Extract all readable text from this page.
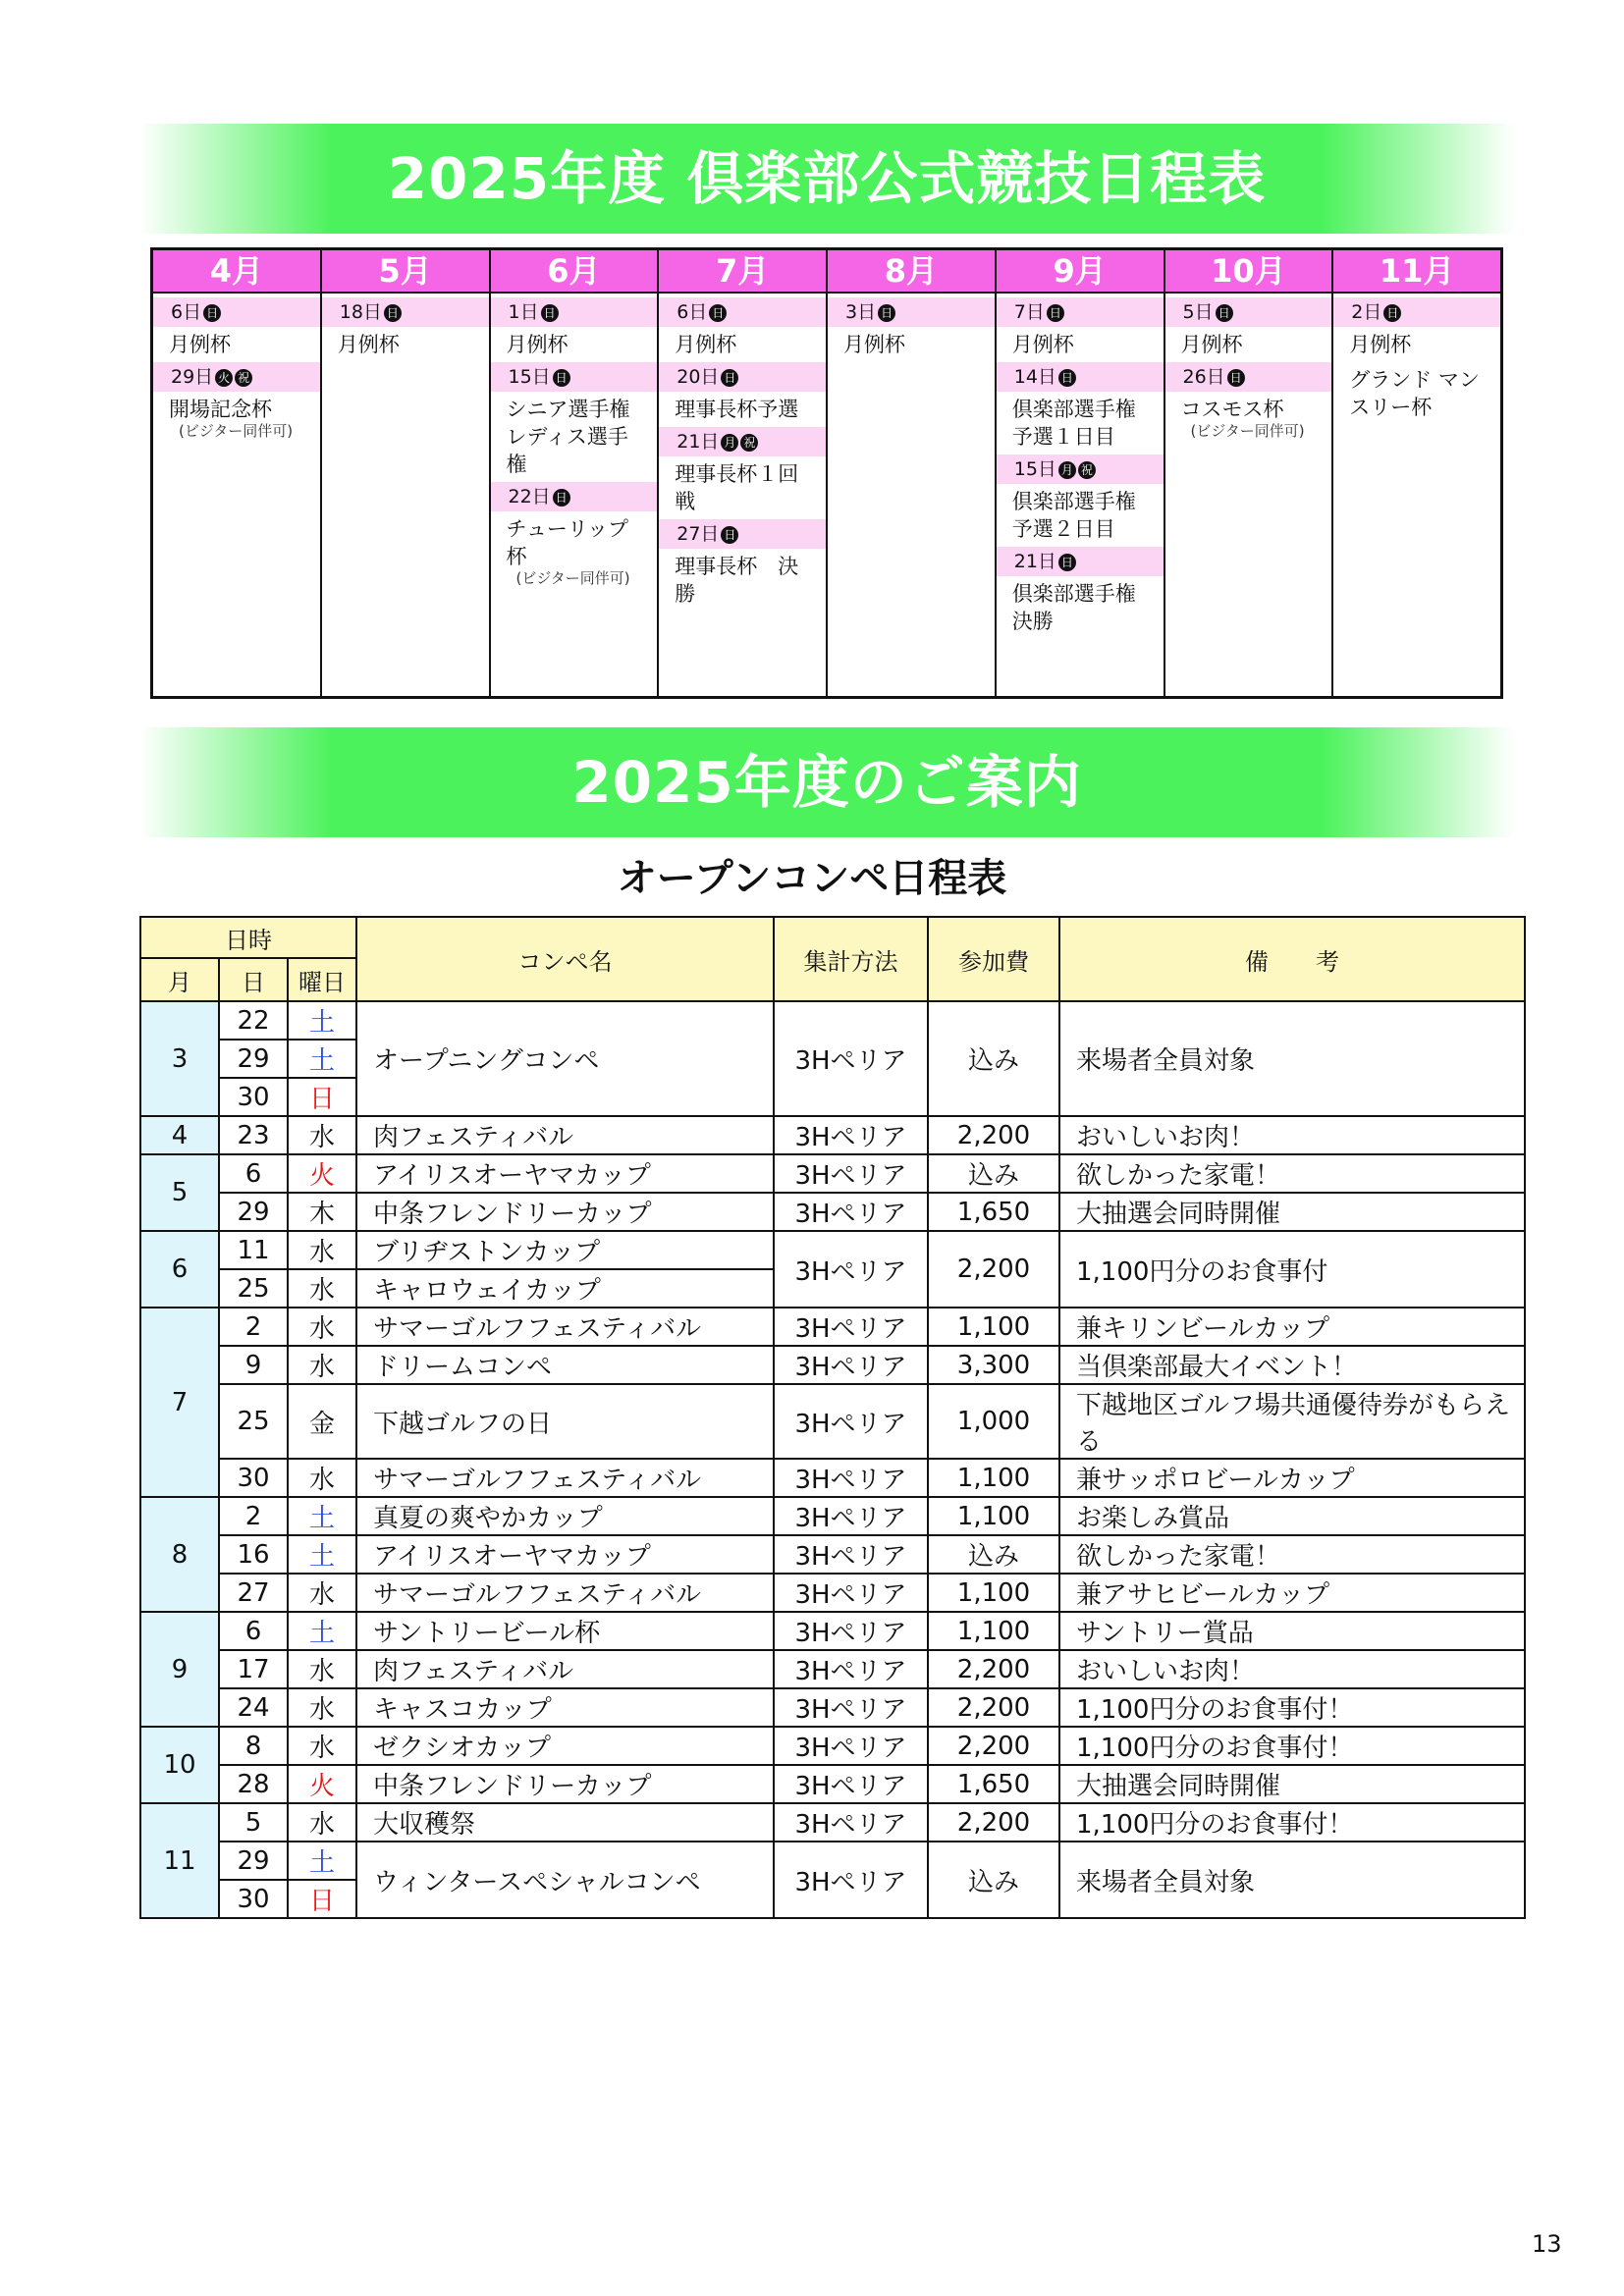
2025年度 倶楽部公式競技日程表
4月
6日 日
月例杯
29日 火 祝
開場記念杯
(ビジター同伴可)
5月
18日 日
月例杯
6月
1日 日
月例杯
15日 日
シニア選手権 レディス選手権
22日 日
チューリップ杯
(ビジター同伴可)
7月
6日 日
月例杯
20日 日
理事長杯予選
21日 月 祝
理事長杯１回戦
27日 日
理事長杯　決勝
8月
3日 日
月例杯
9月
7日 日
月例杯
14日 日
倶楽部選手権 予選１日目
15日 月 祝
倶楽部選手権 予選２日目
21日 日
倶楽部選手権 決勝
10月
5日 日
月例杯
26日 日
コスモス杯
(ビジター同伴可)
11月
2日 日
月例杯
グランド マンスリー杯
2025年度のご案内
オープンコンペ日程表
日時			コンペ名	集計方法	参加費	備　　考
月	日	曜日				
3	22	土	オープニングコンペ	3Hペリア	込み	来場者全員対象
	29	土				
	30	日				
4	23	水	肉フェスティバル	3Hペリア	2,200	おいしいお肉！
5	6	火	アイリスオーヤマカップ	3Hペリア	込み	欲しかった家電！
	29	木	中条フレンドリーカップ	3Hペリア	1,650	大抽選会同時開催
6	11	水	ブリヂストンカップ	3Hペリア	2,200	1,100円分のお食事付
	25	水	キャロウェイカップ			
7	2	水	サマーゴルフフェスティバル	3Hペリア	1,100	兼キリンビールカップ
	9	水	ドリームコンペ	3Hペリア	3,300	当倶楽部最大イベント！
	25	金	下越ゴルフの日	3Hペリア	1,000	下越地区ゴルフ場共通優待券がもらえる
	30	水	サマーゴルフフェスティバル	3Hペリア	1,100	兼サッポロビールカップ
8	2	土	真夏の爽やかカップ	3Hペリア	1,100	お楽しみ賞品
	16	土	アイリスオーヤマカップ	3Hペリア	込み	欲しかった家電！
	27	水	サマーゴルフフェスティバル	3Hペリア	1,100	兼アサヒビールカップ
9	6	土	サントリービール杯	3Hペリア	1,100	サントリー賞品
	17	水	肉フェスティバル	3Hペリア	2,200	おいしいお肉！
	24	水	キャスコカップ	3Hペリア	2,200	1,100円分のお食事付！
10	8	水	ゼクシオカップ	3Hペリア	2,200	1,100円分のお食事付！
	28	火	中条フレンドリーカップ	3Hペリア	1,650	大抽選会同時開催
11	5	水	大収穫祭	3Hペリア	2,200	1,100円分のお食事付！
	29	土	ウィンタースペシャルコンペ	3Hペリア	込み	来場者全員対象
	30	日				
13
